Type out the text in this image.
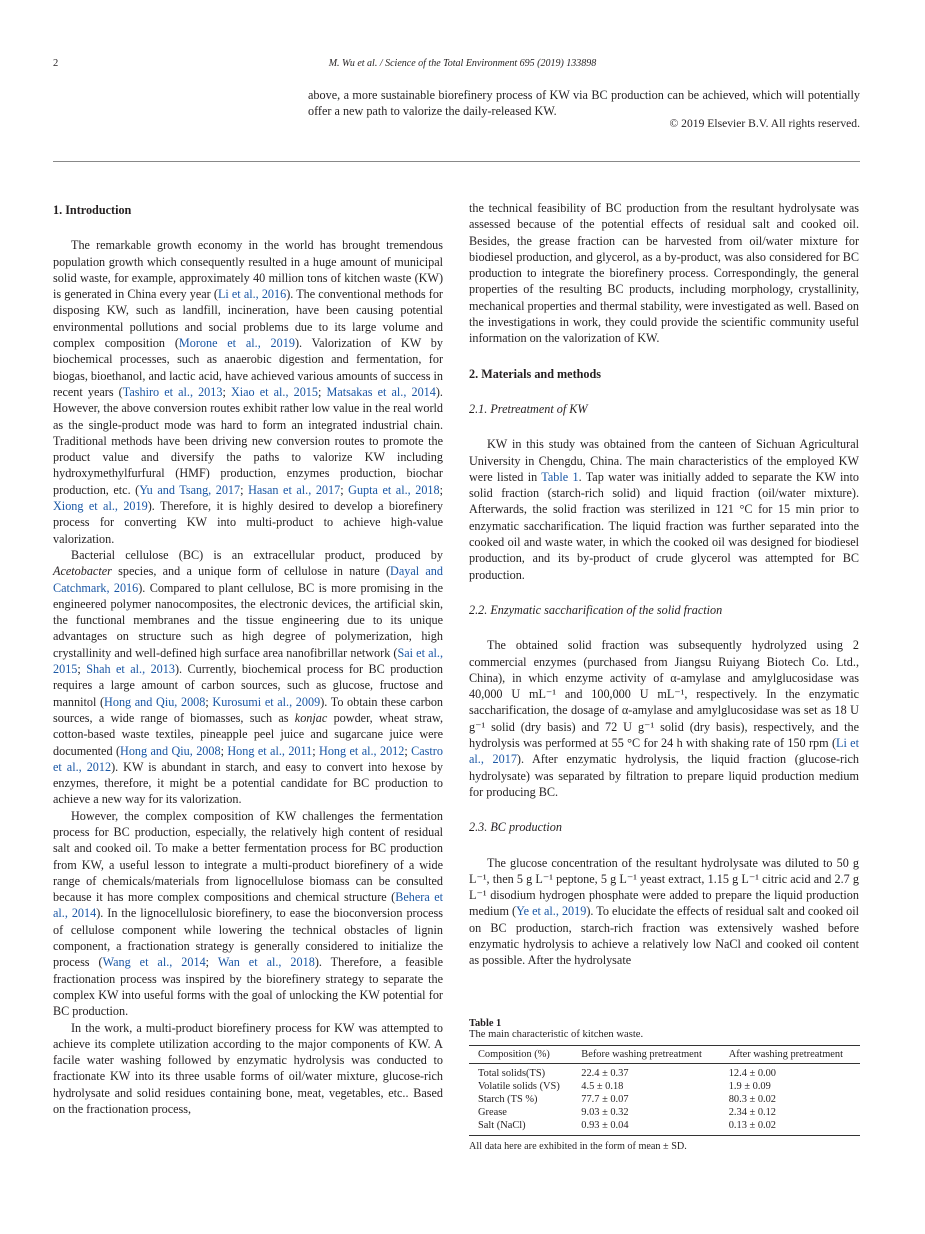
2	M. Wu et al. / Science of the Total Environment 695 (2019) 133898
above, a more sustainable biorefinery process of KW via BC production can be achieved, which will potentially offer a new path to valorize the daily-released KW.
© 2019 Elsevier B.V. All rights reserved.
1. Introduction

The remarkable growth economy in the world has brought tremendous population growth which consequently resulted in a huge amount of municipal solid waste, for example, approximately 40 million tons of kitchen waste (KW) is generated in China every year (Li et al., 2016). The conventional methods for disposing KW, such as landfill, incineration, have been causing potential environmental pollutions and social problems due to its large volume and complex composition (Morone et al., 2019). Valorization of KW by biochemical processes, such as anaerobic digestion and fermentation, for biogas, bioethanol, and lactic acid, have achieved various amounts of success in recent years (Tashiro et al., 2013; Xiao et al., 2015; Matsakas et al., 2014). However, the above conversion routes exhibit rather low value in the real world as the single-product mode was hard to form an integrated industrial chain. Traditional methods have been driving new conversion routes to promote the product value and diversify the paths to valorize KW including hydroxymethylfurfural (HMF) production, enzymes production, biochar production, etc. (Yu and Tsang, 2017; Hasan et al., 2017; Gupta et al., 2018; Xiong et al., 2019). Therefore, it is highly desired to develop a biorefinery process for converting KW into multi-product to achieve high-value valorization.

Bacterial cellulose (BC) is an extracellular product, produced by Acetobacter species, and a unique form of cellulose in nature (Dayal and Catchmark, 2016). Compared to plant cellulose, BC is more promising in the engineered polymer nanocomposites, the electronic devices, the artificial skin, the functional membranes and the tissue engineering due to its unique advantages on structure such as high degree of polymerization, high crystallinity and well-defined high surface area nanofibrillar network (Sai et al., 2015; Shah et al., 2013). Currently, biochemical process for BC production requires a large amount of carbon sources, such as glucose, fructose and mannitol (Hong and Qiu, 2008; Kurosumi et al., 2009). To obtain these carbon sources, a wide range of biomasses, such as konjac powder, wheat straw, cotton-based waste textiles, pineapple peel juice and sugarcane juice were documented (Hong and Qiu, 2008; Hong et al., 2011; Hong et al., 2012; Castro et al., 2012). KW is abundant in starch, and easy to convert into hexose by enzymes, therefore, it might be a potential candidate for BC production to achieve a new way for its valorization.

However, the complex composition of KW challenges the fermentation process for BC production, especially, the relatively high content of residual salt and cooked oil. To make a better fermentation process for BC production from KW, a useful lesson to integrate a multi-product biorefinery of a wide range of chemicals/materials from lignocellulose biomass can be consulted because it has more complex compositions and chemical structure (Behera et al., 2014). In the lignocellulosic biorefinery, to ease the bioconversion process of cellulose component while lowering the technical obstacles of lignin component, a fractionation strategy is generally considered to initialize the process (Wang et al., 2014; Wan et al., 2018). Therefore, a feasible fractionation process was inspired by the biorefinery strategy to separate the complex KW into useful forms with the goal of unlocking the KW potential for BC production.

In the work, a multi-product biorefinery process for KW was attempted to achieve its complete utilization according to the major components of KW. A facile water washing followed by enzymatic hydrolysis was conducted to fractionate KW into its three usable forms of oil/water mixture, glucose-rich hydrolysate and solid residues containing bone, meat, vegetables, etc.. Based on the fractionation process,

the technical feasibility of BC production from the resultant hydrolysate was assessed because of the potential effects of residual salt and cooked oil. Besides, the grease fraction can be harvested from oil/water mixture for biodiesel production, and glycerol, as a by-product, was also considered for BC production to integrate the biorefinery process. Correspondingly, the general properties of the resulting BC products, including morphology, crystallinity, mechanical properties and thermal stability, were investigated as well. Based on the investigations in work, they could provide the scientific community useful information on the valorization of KW.

2. Materials and methods
2.1. Pretreatment of KW

KW in this study was obtained from the canteen of Sichuan Agricultural University in Chengdu, China. The main characteristics of the employed KW were listed in Table 1. Tap water was initially added to separate the KW into solid fraction (starch-rich solid) and liquid fraction (oil/water mixture). Afterwards, the solid fraction was sterilized in 121 °C for 15 min prior to enzymatic saccharification. The liquid fraction was further separated into the cooked oil and waste water, in which the cooked oil was designed for biodiesel production, and its by-product of crude glycerol was attempted for BC production.

2.2. Enzymatic saccharification of the solid fraction

The obtained solid fraction was subsequently hydrolyzed using 2 commercial enzymes (purchased from Jiangsu Ruiyang Biotech Co. Ltd., China), in which enzyme activity of α-amylase and amylglucosidase was 40,000 U mL⁻¹ and 100,000 U mL⁻¹, respectively. In the enzymatic saccharification, the dosage of α-amylase and amylglucosidase was set as 18 U g⁻¹ solid (dry basis) and 72 U g⁻¹ solid (dry basis), respectively, and the hydrolysis was performed at 55 °C for 24 h with shaking rate of 150 rpm (Li et al., 2017). After enzymatic hydrolysis, the liquid fraction (glucose-rich hydrolysate) was separated by filtration to prepare liquid production medium for producing BC.

2.3. BC production

The glucose concentration of the resultant hydrolysate was diluted to 50 g L⁻¹, then 5 g L⁻¹ peptone, 5 g L⁻¹ yeast extract, 1.15 g L⁻¹ citric acid and 2.7 g L⁻¹ disodium hydrogen phosphate were added to prepare the liquid production medium (Ye et al., 2019). To elucidate the effects of residual salt and cooked oil on BC production, starch-rich fraction was extensively washed before enzymatic hydrolysis to achieve a relatively low NaCl and cooked oil content as possible. After the hydrolysate

Table 1
The main characteristic of kitchen waste.
Composition (%)	Before washing pretreatment	After washing pretreatment
Total solids(TS)	22.4 ± 0.37	12.4 ± 0.00
Volatile solids (VS)	4.5 ± 0.18	1.9 ± 0.09
Starch (TS %)	77.7 ± 0.07	80.3 ± 0.02
Grease	9.03 ± 0.32	2.34 ± 0.12
Salt (NaCl)	0.93 ± 0.04	0.13 ± 0.02
All data here are exhibited in the form of mean ± SD.
